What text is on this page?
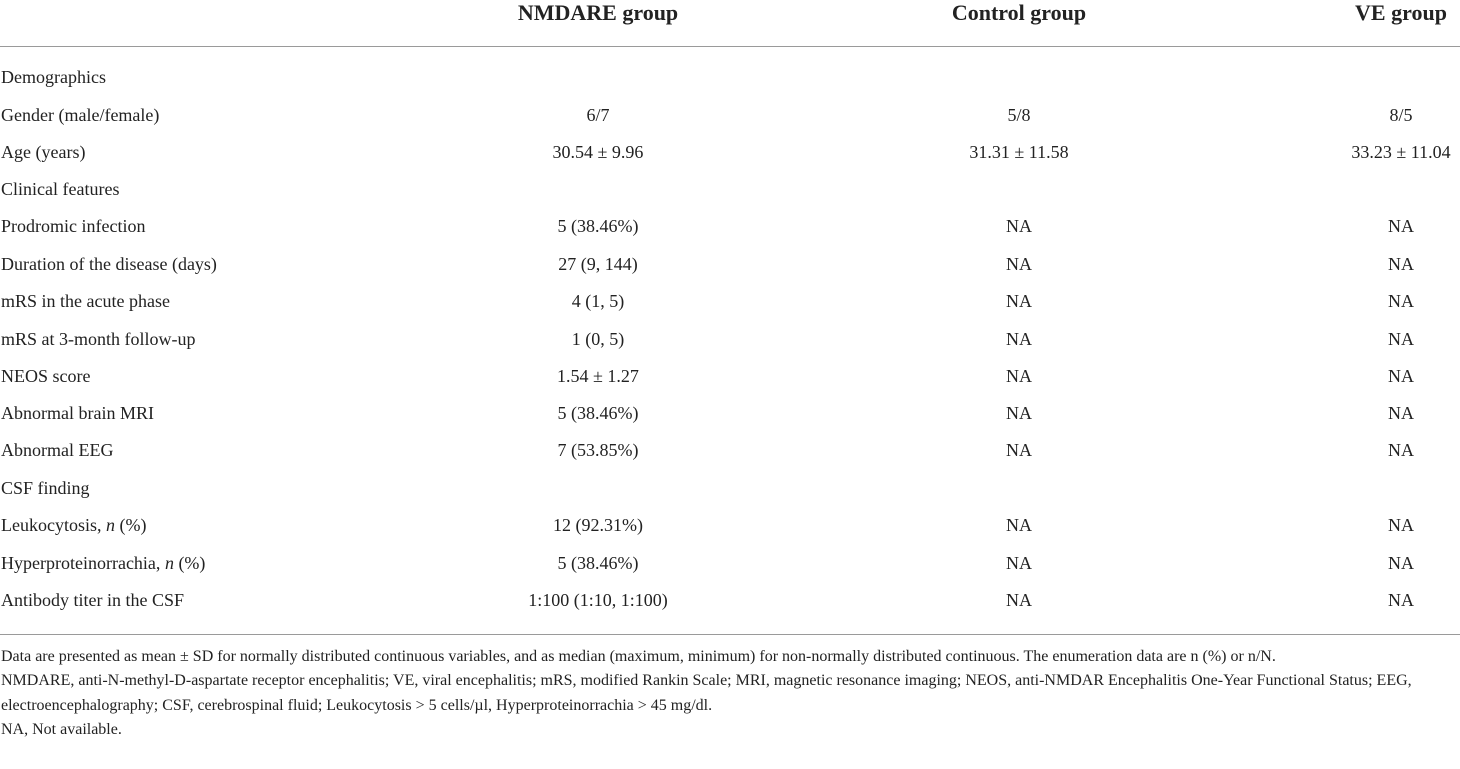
NMDARE group	Control group	VE group
Demographics
Gender (male/female)	6/7	5/8	8/5
Age (years)	30.54 ± 9.96	31.31 ± 11.58	33.23 ± 11.04
Clinical features
Prodromic infection	5 (38.46%)	NA	NA
Duration of the disease (days)	27 (9, 144)	NA	NA
mRS in the acute phase	4 (1, 5)	NA	NA
mRS at 3-month follow-up	1 (0, 5)	NA	NA
NEOS score	1.54 ± 1.27	NA	NA
Abnormal brain MRI	5 (38.46%)	NA	NA
Abnormal EEG	7 (53.85%)	NA	NA
CSF finding
Leukocytosis, n (%)	12 (92.31%)	NA	NA
Hyperproteinorrachia, n (%)	5 (38.46%)	NA	NA
Antibody titer in the CSF	1:100 (1:10, 1:100)	NA	NA

Data are presented as mean ± SD for normally distributed continuous variables, and as median (maximum, minimum) for non-normally distributed continuous. The enumeration data are n (%) or n/N.

NMDARE, anti-N-methyl-D-aspartate receptor encephalitis; VE, viral encephalitis; mRS, modified Rankin Scale; MRI, magnetic resonance imaging; NEOS, anti-NMDAR Encephalitis One-Year Functional Status; EEG, electroencephalography; CSF, cerebrospinal fluid; Leukocytosis > 5 cells/µl, Hyperproteinorrachia > 45 mg/dl.

NA, Not available.
